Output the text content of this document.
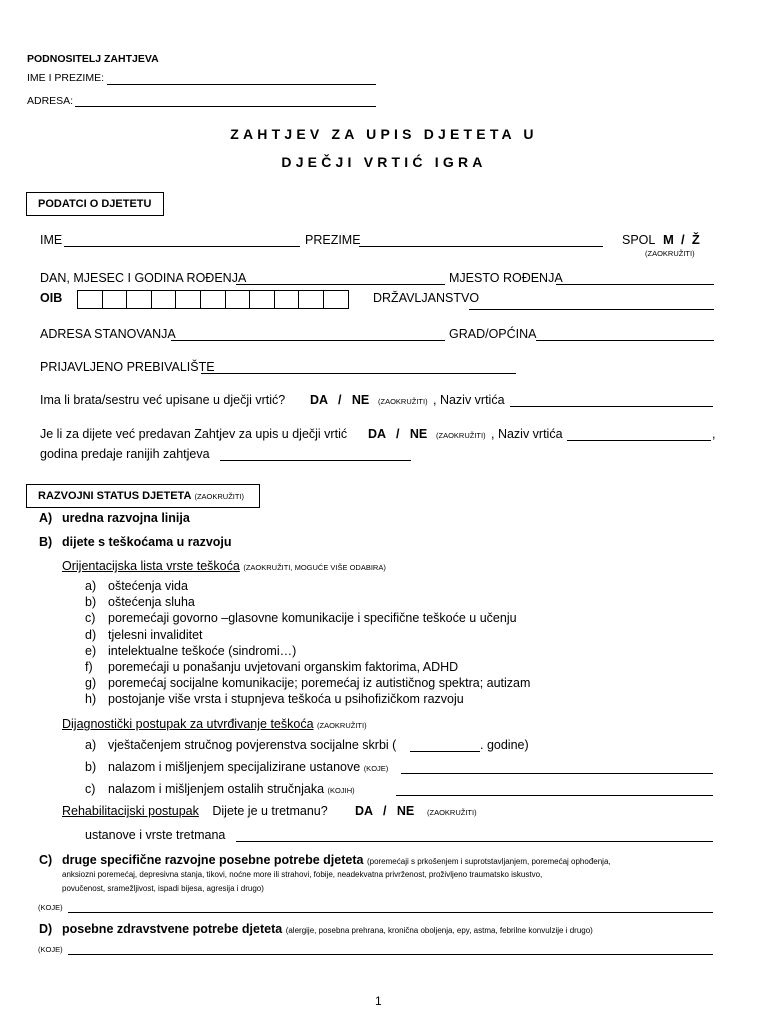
PODNOSITELJ ZAHTJEVA
IME I PREZIME:
ADRESA:
ZAHTJEV ZA UPIS DJETETA U
DJEČJI VRTIĆ IGRA
PODATCI O DJETETU
IME	PREZIME	SPOL M  /  Ž
(ZAOKRUŽITI)
DAN, MJESEC I GODINA ROĐENJA	MJESTO ROĐENJA
OIB	DRŽAVLJANSTVO
ADRESA STANOVANJA	GRAD/OPĆINA
PRIJAVLJENO PREBIVALIŠTE
Ima li brata/sestru već upisane u dječji vrtić? DA   /   NE (ZAOKRUŽITI) , Naziv vrtića
Je li za dijete već predavan Zahtjev za upis u dječji vrtić DA   /   NE (ZAOKRUŽITI) , Naziv vrtića	,
godina predaje ranijih zahtjeva
RAZVOJNI STATUS DJETETA
(ZAOKRUŽITI)
A) uredna razvojna linija
B) dijete s teškoćama u razvoju
Orijentacijska lista vrste teškoća (ZAOKRUŽITI, MOGUĆE VIŠE ODABIRA)
a) oštećenja vida
b) oštećenja sluha
c) poremećaji govorno –glasovne komunikacije i specifične teškoće u učenju
d) tjelesni invaliditet
e) intelektualne teškoće (sindromi…)
f) poremećaji u ponašanju uvjetovani organskim faktorima, ADHD
g) poremećaj socijalne komunikacije; poremećaj iz autističnog spektra; autizam
h) postojanje više vrsta i stupnjeva teškoća u psihofizičkom razvoju
Dijagnostički postupak za utvrđivanje teškoća (ZAOKRUŽITI)
a) vještačenjem stručnog povjerenstva socijalne skrbi (	. godine)
b) nalazom i mišljenjem specijalizirane ustanove (KOJE)
c) nalazom i mišljenjem ostalih stručnjaka (KOJIH)
Rehabilitacijski postupak Dijete je u tretmanu? DA   /   NE (ZAOKRUŽITI)
ustanove i vrste tretmana
C) druge specifične razvojne posebne potrebe djeteta (poremećaji s prkošenjem i suprotstavljanjem, poremećaj ophođenja,
anksiozni poremećaj, depresivna stanja, tikovi, noćne more ili strahovi, fobije, neadekvatna privrženost, proživljeno traumatsko iskustvo,
povučenost, sramežljivost, ispadi bijesa, agresija i drugo)
(KOJE)
D) posebne zdravstvene potrebe djeteta (alergije, posebna prehrana, kronična oboljenja, epy, astma, febrilne konvulzije i drugo)
(KOJE)
1
